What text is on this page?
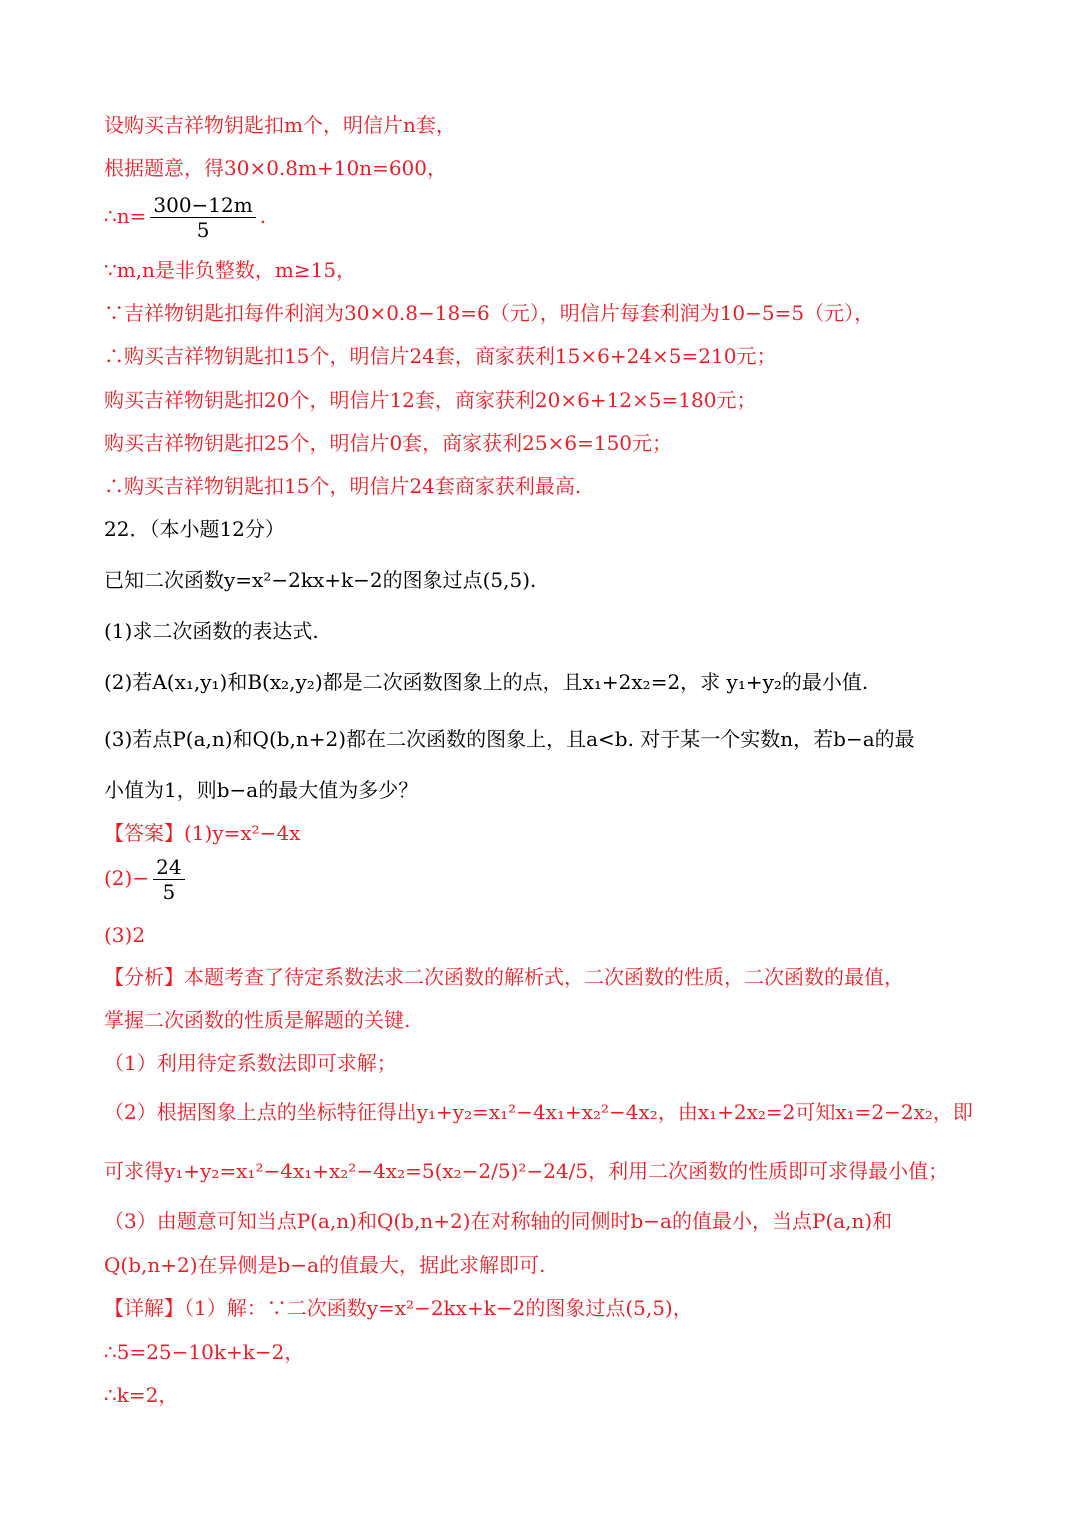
设购买吉祥物钥匙扣m个，明信片n套，
根据题意，得30×0.8m+10n=600，
∴n= $\frac{300-12m}{5}$ .
∵m,n是非负整数，m≥15，
∵吉祥物钥匙扣每件利润为30×0.8−18=6（元），明信片每套利润为10−5=5（元），
∴购买吉祥物钥匙扣15个，明信片24套，商家获利15×6+24×5=210元；
购买吉祥物钥匙扣20个，明信片12套，商家获利20×6+12×5=180元；
购买吉祥物钥匙扣25个，明信片0套，商家获利25×6=150元；
∴购买吉祥物钥匙扣15个，明信片24套商家获利最高.
22．（本小题12分）
已知二次函数y=x²−2kx+k−2的图象过点(5,5).
(1)求二次函数的表达式.
(2)若A(x₁,y₁)和B(x₂,y₂)都是二次函数图象上的点，且x₁+2x₂=2，求 y₁+y₂的最小值.
(3)若点P(a,n)和Q(b,n+2)都在二次函数的图象上，且a<b. 对于某一个实数n，若b−a的最
小值为1，则b−a的最大值为多少？
【答案】(1)y=x²−4x
$(2)- \frac{24}{5}$
(3)2
【分析】本题考查了待定系数法求二次函数的解析式，二次函数的性质，二次函数的最值，
掌握二次函数的性质是解题的关键.
（1）利用待定系数法即可求解；
（2）根据图象上点的坐标特征得出y₁+y₂=x₁²−4x₁+x₂²−4x₂，由x₁+2x₂=2可知x₁=2−2x₂，即
可求得y₁+y₂=x₁²−4x₁+x₂²−4x₂=5(x₂−2/5)²−24/5，利用二次函数的性质即可求得最小值；
（3）由题意可知当点P(a,n)和Q(b,n+2)在对称轴的同侧时b−a的值最小，当点P(a,n)和
Q(b,n+2)在异侧是b−a的值最大，据此求解即可.
【详解】（1）解：∵二次函数y=x²−2kx+k−2的图象过点(5,5)，
∴5=25−10k+k−2，
∴k=2，
